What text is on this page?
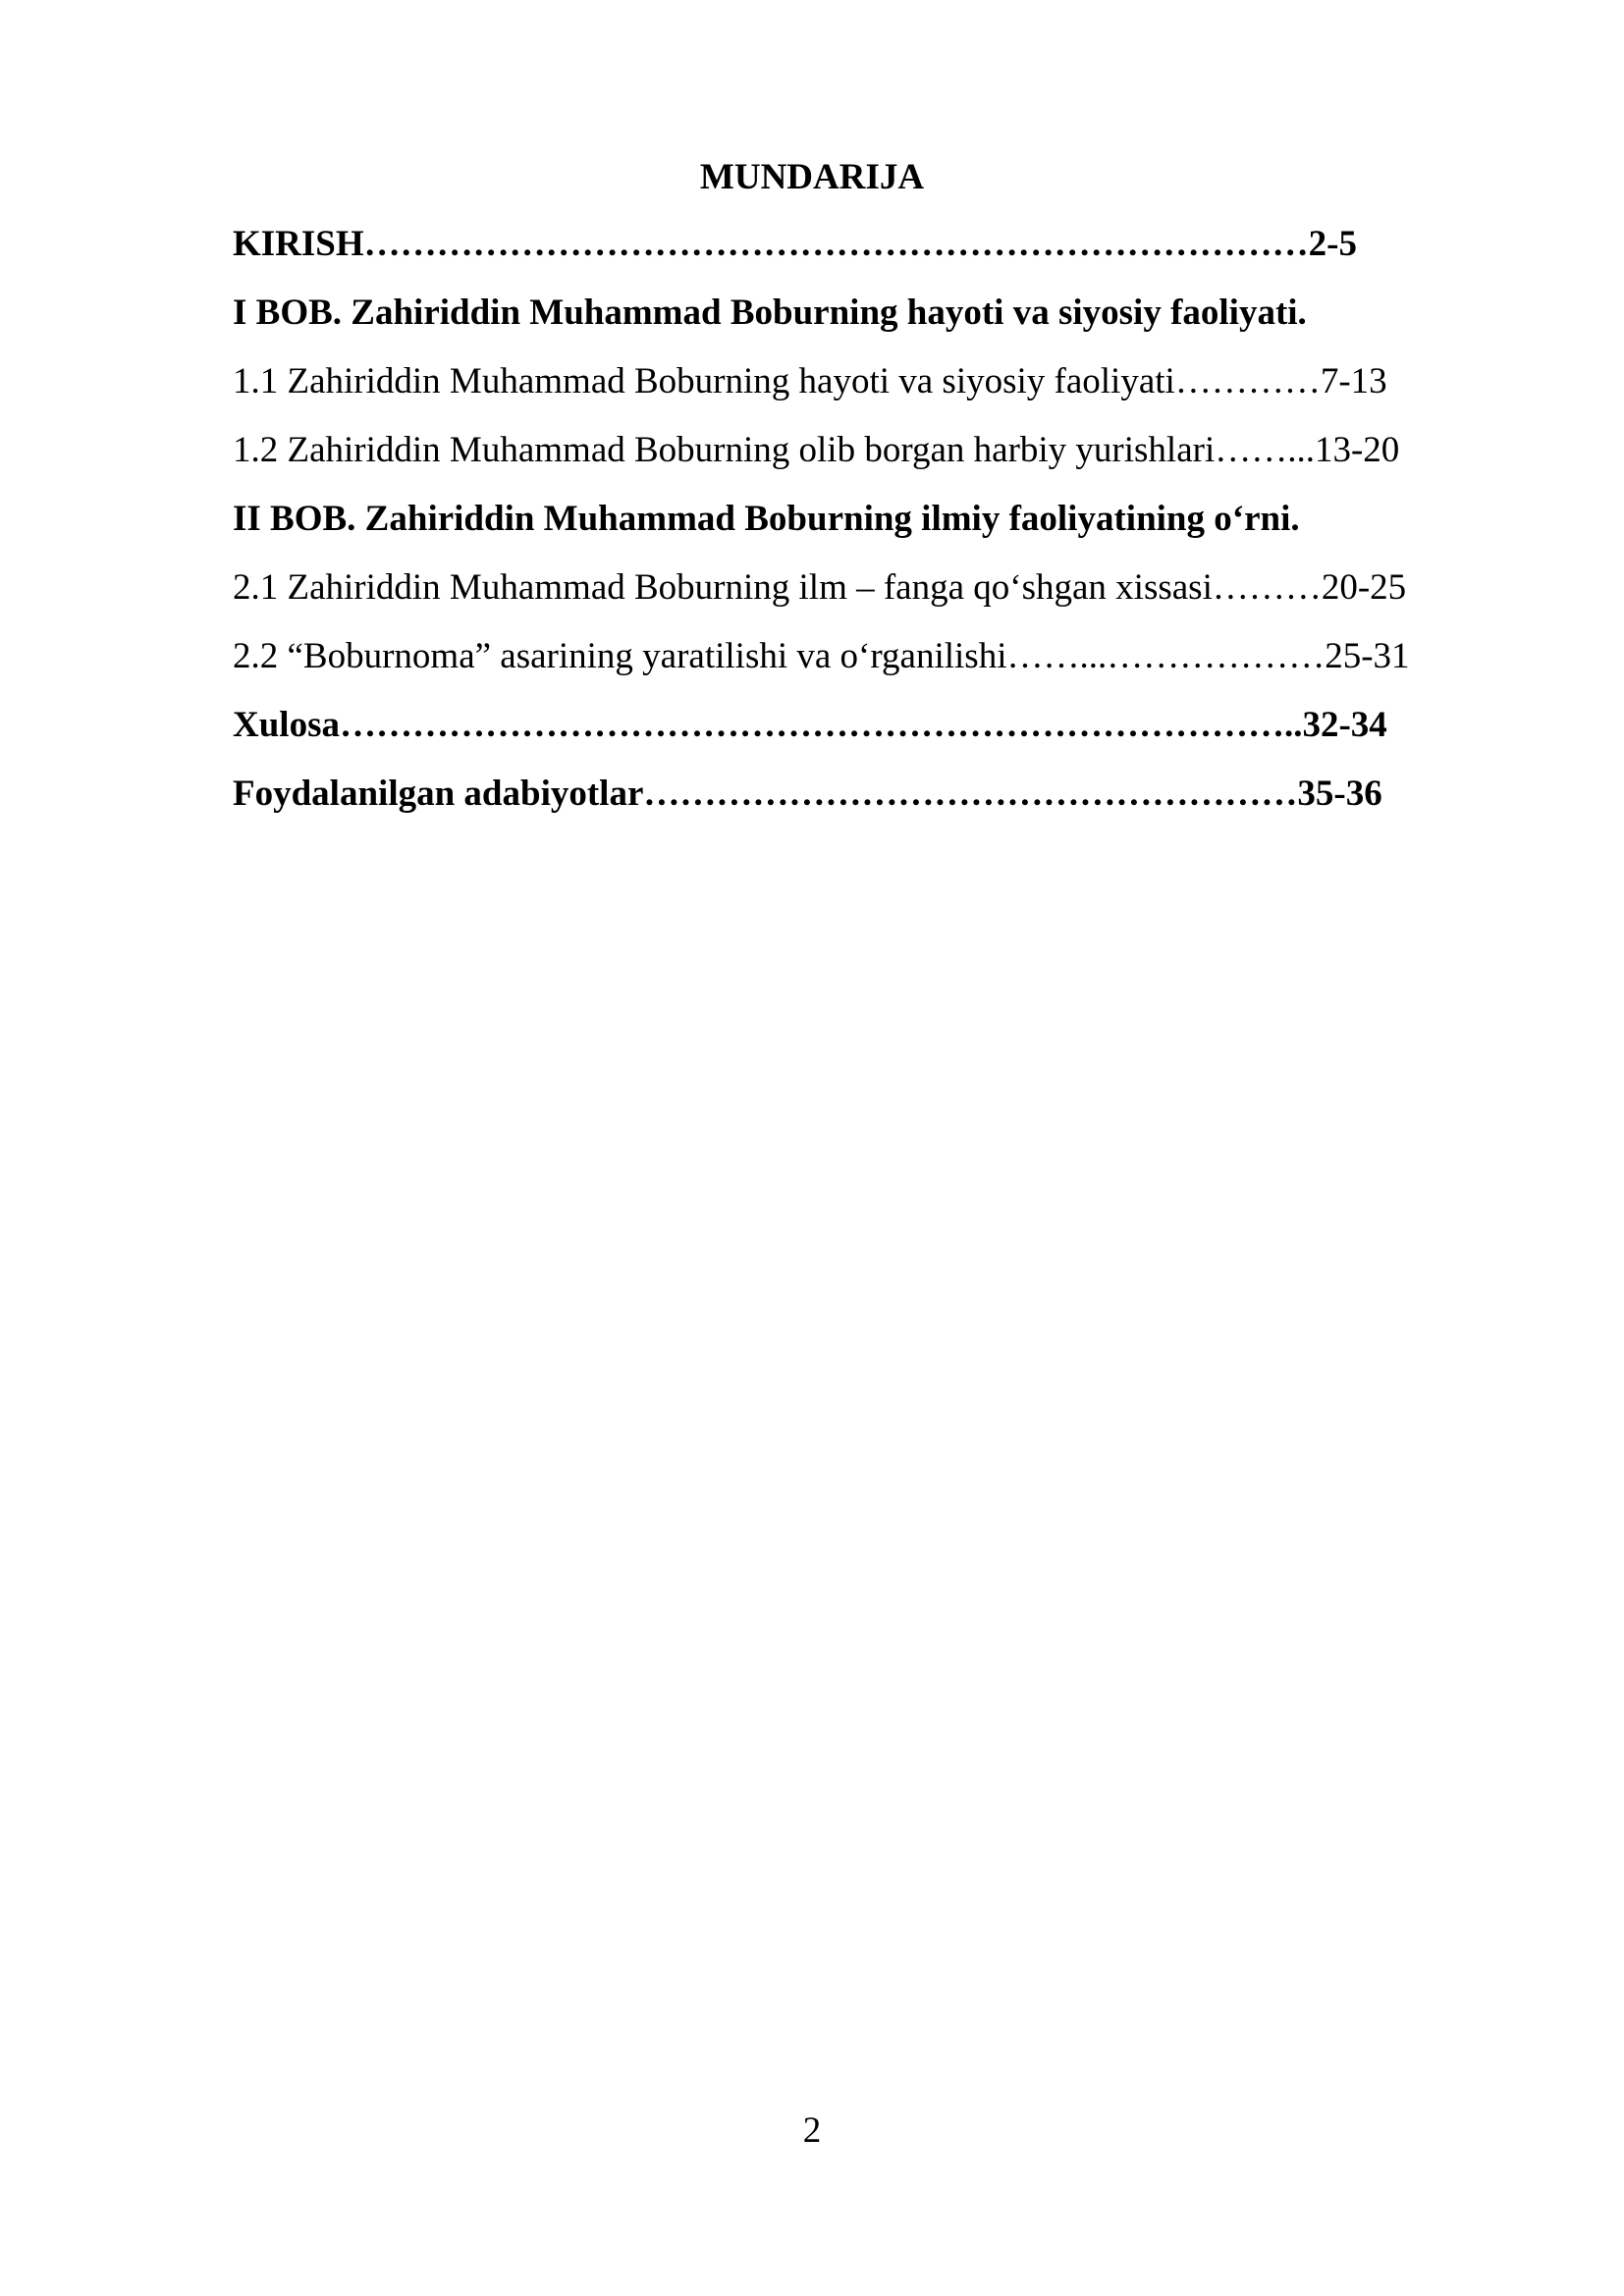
MUNDARIJA
KIRISH……………………………………………………………………2-5
I BOB. Zahiriddin Muhammad Boburning hayoti va siyosiy faoliyati.
1.1 Zahiriddin Muhammad Boburning hayoti va siyosiy faoliyati…………7-13
1.2 Zahiriddin Muhammad Boburning olib borgan harbiy yurishlari……...13-20
II BOB. Zahiriddin Muhammad Boburning ilmiy faoliyatining o‘rni.
2.1 Zahiriddin Muhammad Boburning ilm – fanga qo‘shgan xissasi………20-25
2.2 “Boburnoma” asarining yaratilishi va o‘rganilishi……...………………25-31
Xulosa……………………………………………………………………..32-34
Foydalanilgan adabiyotlar………………………………………………35-36
2
